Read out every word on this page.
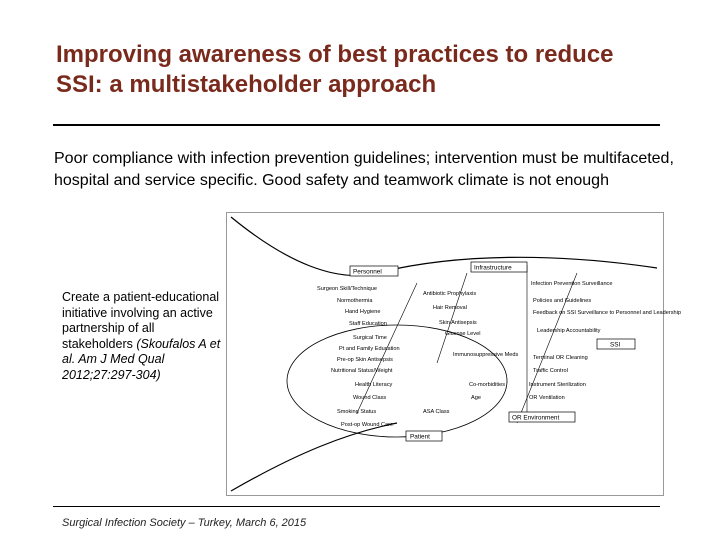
Improving awareness of best practices to reduce
SSI: a multistakeholder approach
Poor compliance with infection prevention guidelines; intervention must be multifaceted, hospital and service specific. Good safety and teamwork climate is not enough
Create a patient-educational initiative involving an active partnership of all stakeholders (Skoufalos A et al. Am J Med Qual 2012;27:297-304)
Personnel
Infrastructure
SSI
OR Environment
Patient
Surgeon Skill/Technique
Normothermia
Hand Hygiene
Staff Education
Surgical Time
Antibiotic Prophylaxis
Hair Removal
Skin Antisepsis
Glucose Level
Infection Prevention Surveillance
Policies and Guidelines
Feedback on SSI Surveillance to Personnel and Leadership
Leadership Accountability
Pt and Family Education
Pre-op Skin Antisepsis
Nutritional Status/Weight
Health Literacy
Wound Class
Smoking Status
Post-op Wound Care
Immunosuppressive Meds
Co-morbidities
Age
ASA Class
Terminal OR Cleaning
Traffic Control
Instrument Sterilization
OR Ventilation
Surgical Infection Society – Turkey, March 6, 2015
